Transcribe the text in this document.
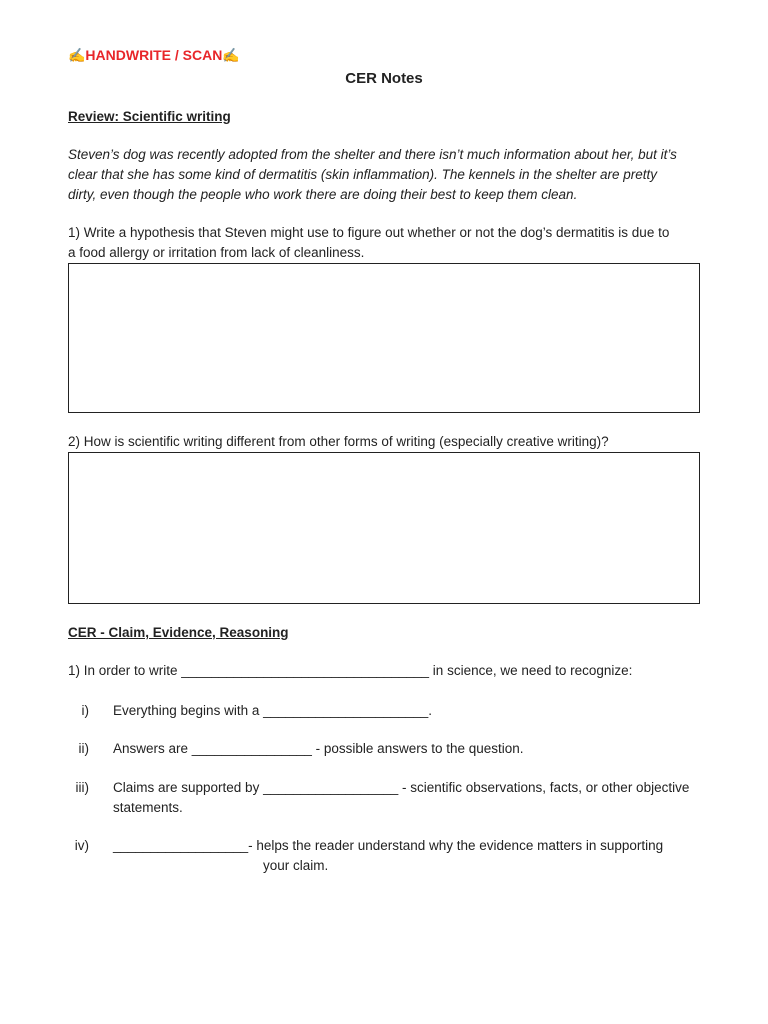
✍️HANDWRITE / SCAN✍️
CER Notes
Review: Scientific writing
Steven’s dog was recently adopted from the shelter and there isn’t much information about her, but it’s
clear that she has some kind of dermatitis (skin inflammation). The kennels in the shelter are pretty
dirty, even though the people who work there are doing their best to keep them clean.
1) Write a hypothesis that Steven might use to figure out whether or not the dog’s dermatitis is due to
a food allergy or irritation from lack of cleanliness.
2) How is scientific writing different from other forms of writing (especially creative writing)?
CER - Claim, Evidence, Reasoning
1) In order to write _________________________________ in science, we need to recognize:
i) Everything begins with a ______________________.
ii) Answers are ________________ - possible answers to the question.
iii) Claims are supported by __________________ - scientific observations, facts, or other objective
statements.
iv) __________________- helps the reader understand why the evidence matters in supporting
your claim.
